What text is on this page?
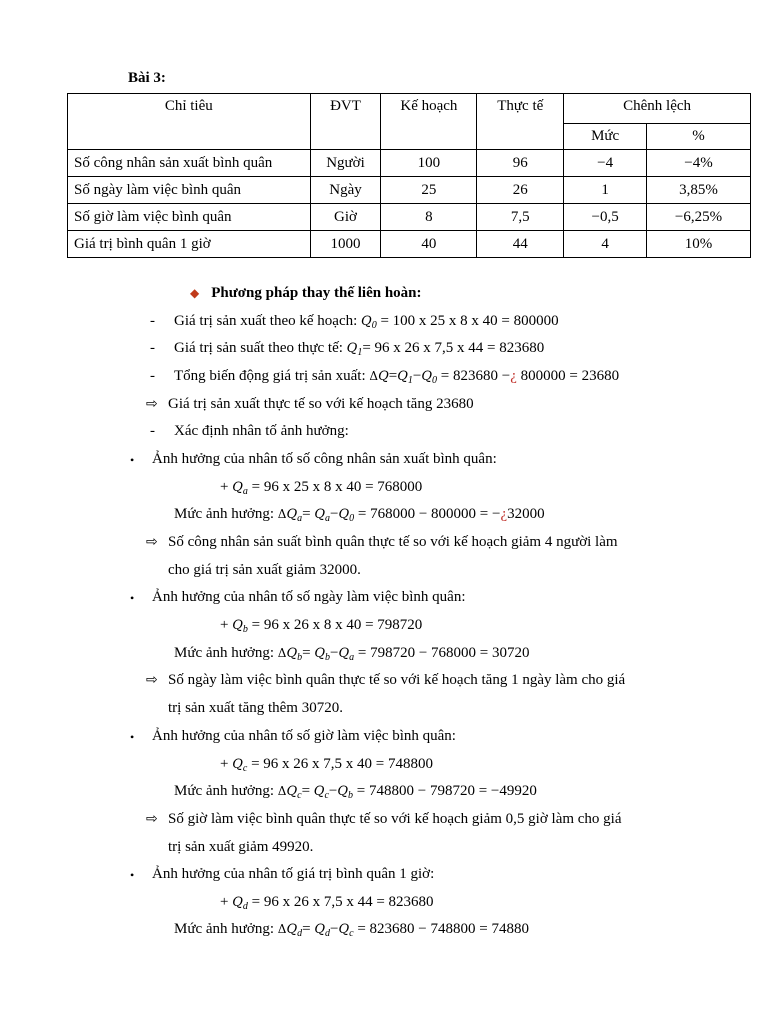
Bài 3:
Chỉ tiêu	ĐVT	Kế hoạch	Thực tế	Chênh lệch	
				Mức	%
Số công nhân sản xuất bình quân	Người	100	96	−4	−4%
Số ngày làm việc bình quân	Ngày	25	26	1	3,85%
Số giờ làm việc bình quân	Giờ	8	7,5	−0,5	−6,25%
Giá trị bình quân 1 giờ	1000	40	44	4	10%
◆ Phương pháp thay thế liên hoàn:
- Giá trị sản xuất theo kế hoạch: $Q_0 = 100$ x 25 x 8 x 40 = 800000
- Giá trị sản suất theo thực tế: $Q_1= 96$ x 26 x 7,5 x 44 = 823680
- Tổng biến động giá trị sản xuất: $\Delta Q=Q_1-Q_0 = 823680$ −¿ 800000 = 23680
⇨ Giá trị sản xuất thực tế so với kế hoạch tăng 23680
- Xác định nhân tố ảnh hưởng:
• Ảnh hưởng của nhân tố số công nhân sản xuất bình quân:
+ $Q_a = 96$ x 25 x 8 x 40 = 768000
Mức ảnh hưởng: $\Delta Q_a= Q_a-Q_0 = 768000 - 800000$ = −¿32000
⇨ Số công nhân sản suất bình quân thực tế so với kế hoạch giảm 4 người làm
cho giá trị sản xuất giảm 32000.
• Ảnh hưởng của nhân tố số ngày làm việc bình quân:
+ $Q_b = 96$ x 26 x 8 x 40 = 798720
Mức ảnh hưởng: $\Delta Q_b= Q_b-Q_a = 798720 - 768000 = 30720$
⇨ Số ngày làm việc bình quân thực tế so với kế hoạch tăng 1 ngày làm cho giá
trị sản xuất tăng thêm 30720.
• Ảnh hưởng của nhân tố số giờ làm việc bình quân:
+ $Q_c = 96$ x 26 x 7,5 x 40 = 748800
Mức ảnh hưởng: $\Delta Q_c= Q_c-Q_b = 748800 - 798720 = -49920$
⇨ Số giờ làm việc bình quân thực tế so với kế hoạch giảm 0,5 giờ làm cho giá
trị sản xuất giảm 49920.
• Ảnh hưởng của nhân tố giá trị bình quân 1 giờ:
+ $Q_d = 96$ x 26 x 7,5 x 44 = 823680
Mức ảnh hưởng: $\Delta Q_d= Q_d-Q_c = 823680 - 748800 = 74880$
